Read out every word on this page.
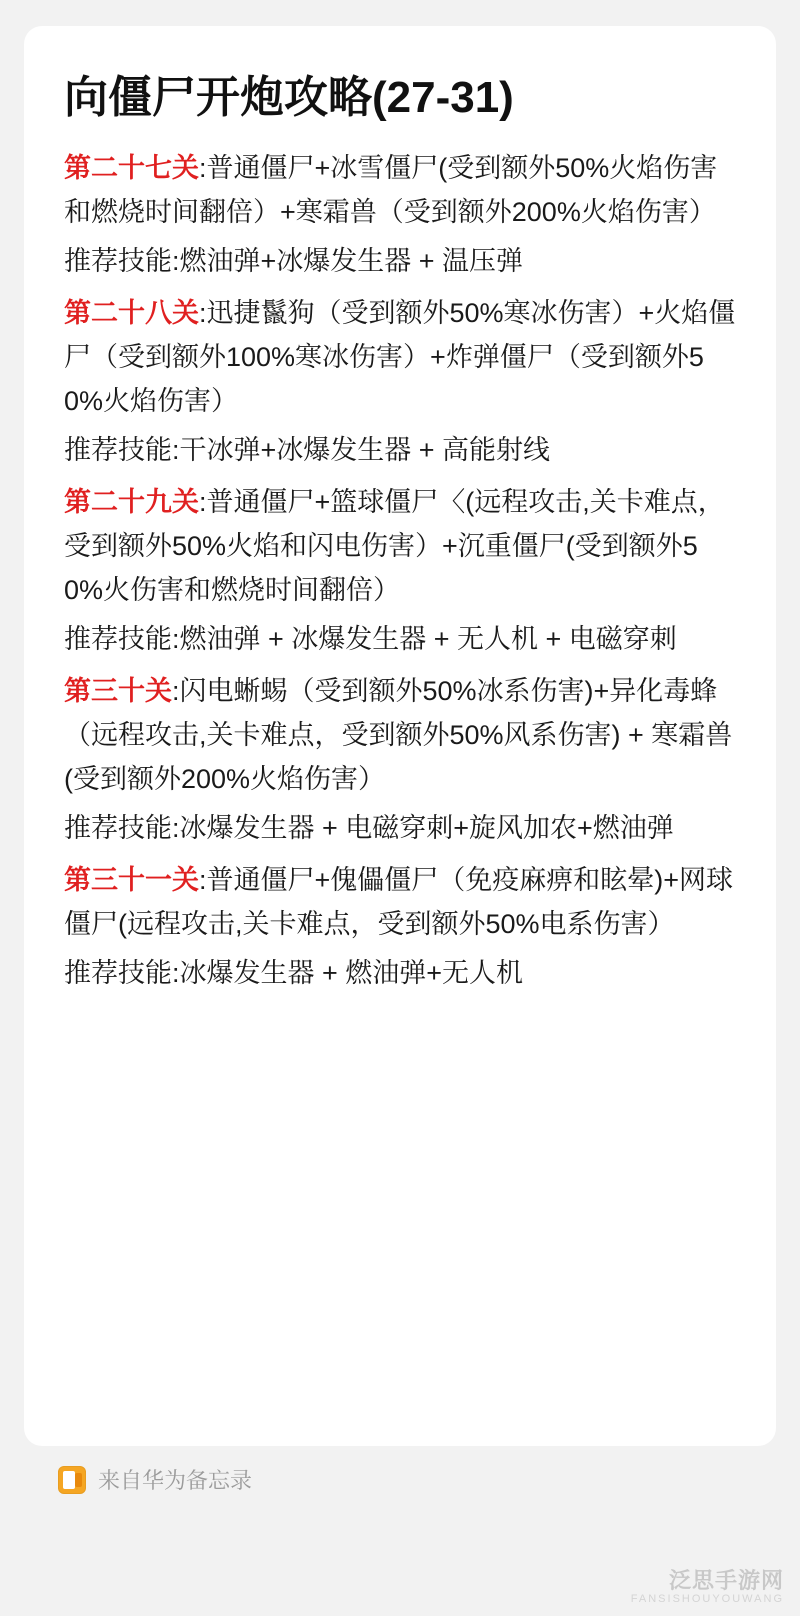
向僵尸开炮攻略(27-31)

第二十七关:普通僵尸+冰雪僵尸(受到额外50%火焰伤害和燃烧时间翻倍）+寒霜兽（受到额外200%火焰伤害）

推荐技能:燃油弹+冰爆发生器 + 温压弹

第二十八关:迅捷鬣狗（受到额外50%寒冰伤害）+火焰僵尸（受到额外100%寒冰伤害）+炸弹僵尸（受到额外50%火焰伤害）

推荐技能:干冰弹+冰爆发生器 + 高能射线

第二十九关:普通僵尸+篮球僵尸〈(远程攻击,关卡难点，受到额外50%火焰和闪电伤害）+沉重僵尸(受到额外50%火伤害和燃烧时间翻倍）

推荐技能:燃油弹 + 冰爆发生器 + 无人机 + 电磁穿刺

第三十关:闪电蜥蜴（受到额外50%冰系伤害)+异化毒蜂（远程攻击,关卡难点，受到额外50%风系伤害) + 寒霜兽(受到额外200%火焰伤害）

推荐技能:冰爆发生器 + 电磁穿刺+旋风加农+燃油弹

第三十一关:普通僵尸+傀儡僵尸（免疫麻痹和眩晕)+网球僵尸(远程攻击,关卡难点，受到额外50%电系伤害）

推荐技能:冰爆发生器 + 燃油弹+无人机

来自华为备忘录
泛思手游网
FANSISHOUYOUWANG
